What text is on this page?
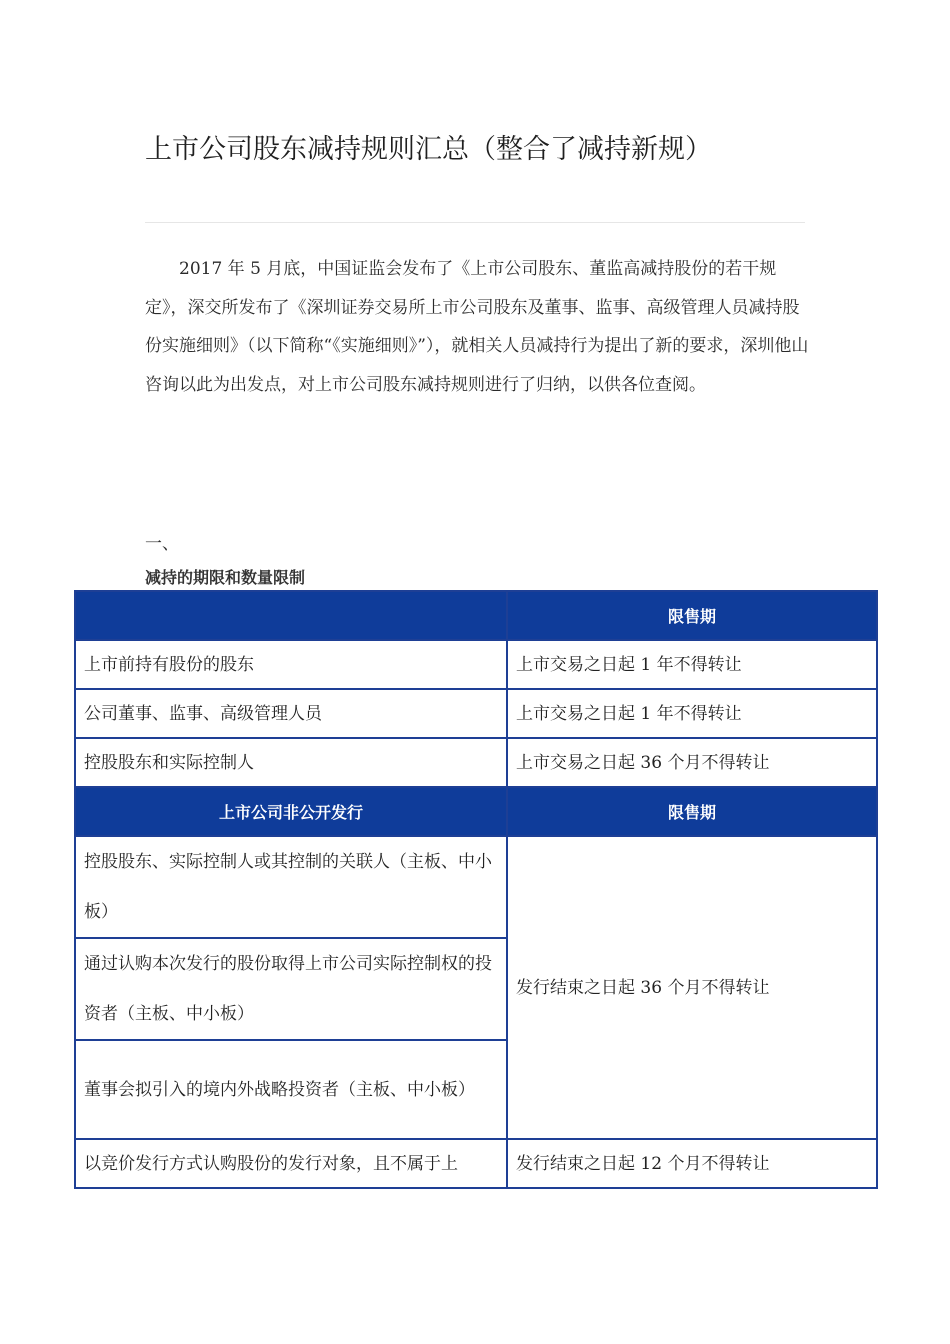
上市公司股东减持规则汇总（整合了减持新规）

2017 年 5 月底，中国证监会发布了《上市公司股东、董监高减持股份的若干规定》，深交所发布了《深圳证券交易所上市公司股东及董事、监事、高级管理人员减持股份实施细则》（以下简称“《实施细则》”），就相关人员减持行为提出了新的要求，深圳他山咨询以此为出发点，对上市公司股东减持规则进行了归纳，以供各位查阅。

一、
减持的期限和数量限制
	限售期
上市前持有股份的股东	上市交易之日起 1 年不得转让
公司董事、监事、高级管理人员	上市交易之日起 1 年不得转让
控股股东和实际控制人	上市交易之日起 36 个月不得转让
上市公司非公开发行	限售期
控股股东、实际控制人或其控制的关联人（主板、中小板）	发行结束之日起 36 个月不得转让
通过认购本次发行的股份取得上市公司实际控制权的投资者（主板、中小板）	
董事会拟引入的境内外战略投资者（主板、中小板）	
以竞价发行方式认购股份的发行对象，且不属于上	发行结束之日起 12 个月不得转让
